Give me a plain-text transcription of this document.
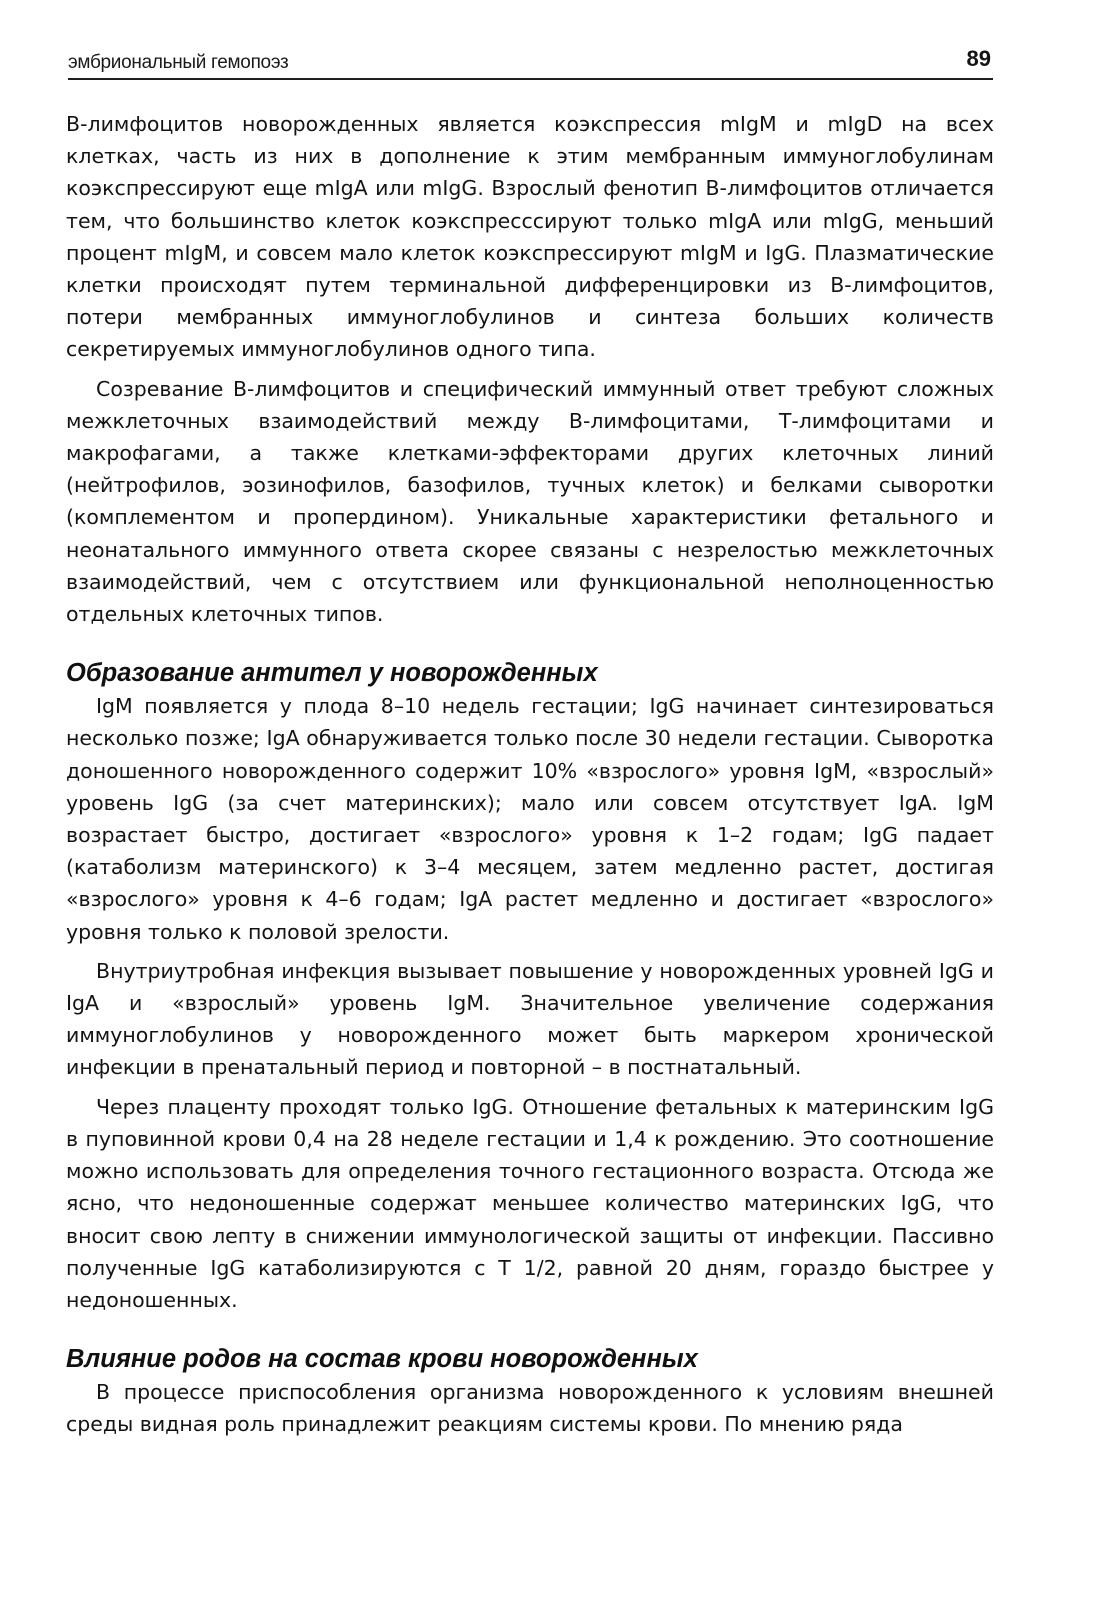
эмбриональный гемопоэз	89

В-лимфоцитов новорожденных является коэкспрессия mIgM и mIgD на всех клетках, часть из них в дополнение к этим мембранным иммуноглобулинам коэкспрессируют еще mIgA или mIgG. Взрослый фенотип В-лимфоцитов отличается тем, что большинство клеток коэкспресссируют только mIgA или mIgG, меньший процент mIgM, и совсем мало клеток коэкспрессируют mIgM и IgG. Плазматические клетки происходят путем терминальной дифференцировки из В-лимфоцитов, потери мембранных иммуноглобулинов и синтеза больших количеств секретируемых иммуноглобулинов одного типа.

Созревание В-лимфоцитов и специфический иммунный ответ требуют сложных межклеточных взаимодействий между В-лимфоцитами, Т-лимфоцитами и макрофагами, а также клетками-эффекторами других клеточных линий (нейтрофилов, эозинофилов, базофилов, тучных клеток) и белками сыворотки (комплементом и пропердином). Уникальные характеристики фетального и неонатального иммунного ответа скорее связаны с незрелостью межклеточных взаимодействий, чем с отсутствием или функциональной неполноценностью отдельных клеточных типов.

Образование антител у новорожденных

IgM появляется у плода 8–10 недель гестации; IgG начинает синтезироваться несколько позже; IgA обнаруживается только после 30 недели гестации. Сыворотка доношенного новорожденного содержит 10% «взрослого» уровня IgM, «взрослый» уровень IgG (за счет материнских); мало или совсем отсутствует IgA. IgM возрастает быстро, достигает «взрослого» уровня к 1–2 годам; IgG падает (катаболизм материнского) к 3–4 месяцем, затем медленно растет, достигая «взрослого» уровня к 4–6 годам; IgA растет медленно и достигает «взрослого» уровня только к половой зрелости.

Внутриутробная инфекция вызывает повышение у новорожденных уровней IgG и IgA и «взрослый» уровень IgM. Значительное увеличение содержания иммуноглобулинов у новорожденного может быть маркером хронической инфекции в пренатальный период и повторной – в постнатальный.

Через плаценту проходят только IgG. Отношение фетальных к материнским IgG в пуповинной крови 0,4 на 28 неделе гестации и 1,4 к рождению. Это соотношение можно использовать для определения точного гестационного возраста. Отсюда же ясно, что недоношенные содержат меньшее количество материнских IgG, что вносит свою лепту в снижении иммунологической защиты от инфекции. Пассивно полученные IgG катаболизируются с Т 1/2, равной 20 дням, гораздо быстрее у недоношенных.

Влияние родов на состав крови новорожденных

В процессе приспособления организма новорожденного к условиям внешней среды видная роль принадлежит реакциям системы крови. По мнению ряда
